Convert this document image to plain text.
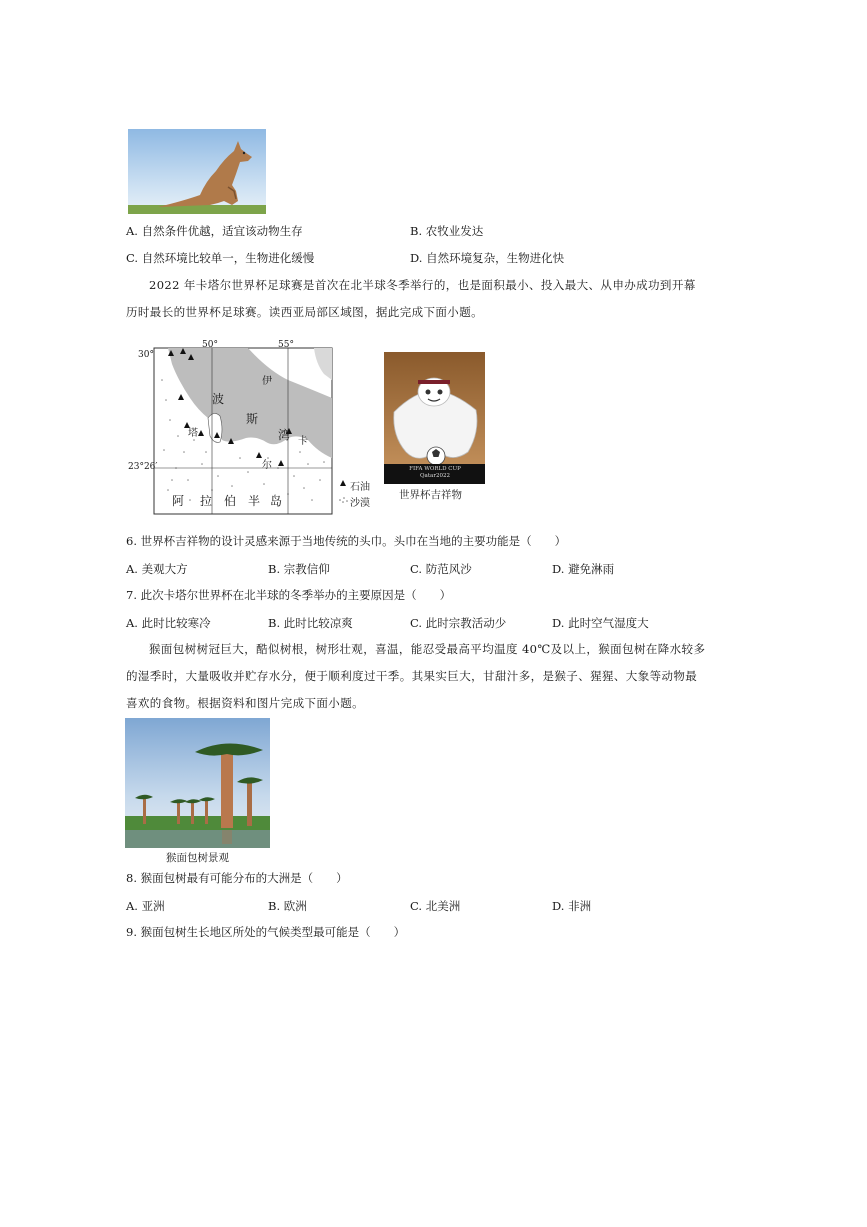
A. 自然条件优越，适宜该动物生存	B. 农牧业发达
C. 自然环境比较单一，生物进化缓慢	D. 自然环境复杂，生物进化快
2022 年卡塔尔世界杯足球赛是首次在北半球冬季举行的，也是面积最小、投入最大、从申办成功到开幕历时最长的世界杯足球赛。读西亚局部区域图，据此完成下面小题。
30°
23°26′
50°	55°
波
斯
湾
伊
卡
塔
尔
阿 拉 伯 半 岛
石油
沙漠
FIFA WORLD CUP Qatar2022
世界杯吉祥物
6. 世界杯吉祥物的设计灵感来源于当地传统的头巾。头巾在当地的主要功能是（　　）
A. 美观大方	B. 宗教信仰	C. 防范风沙	D. 避免淋雨
7. 此次卡塔尔世界杯在北半球的冬季举办的主要原因是（　　）
A. 此时比较寒冷	B. 此时比较凉爽	C. 此时宗教活动少	D. 此时空气湿度大
猴面包树树冠巨大，酷似树根，树形壮观，喜温，能忍受最高平均温度 40℃及以上，猴面包树在降水较多的湿季时，大量吸收并贮存水分，便于顺利度过干季。其果实巨大，甘甜汁多，是猴子、猩猩、大象等动物最喜欢的食物。根据资料和图片完成下面小题。
猴面包树景观
8. 猴面包树最有可能分布的大洲是（　　）
A. 亚洲	B. 欧洲	C. 北美洲	D. 非洲
9. 猴面包树生长地区所处的气候类型最可能是（　　）
